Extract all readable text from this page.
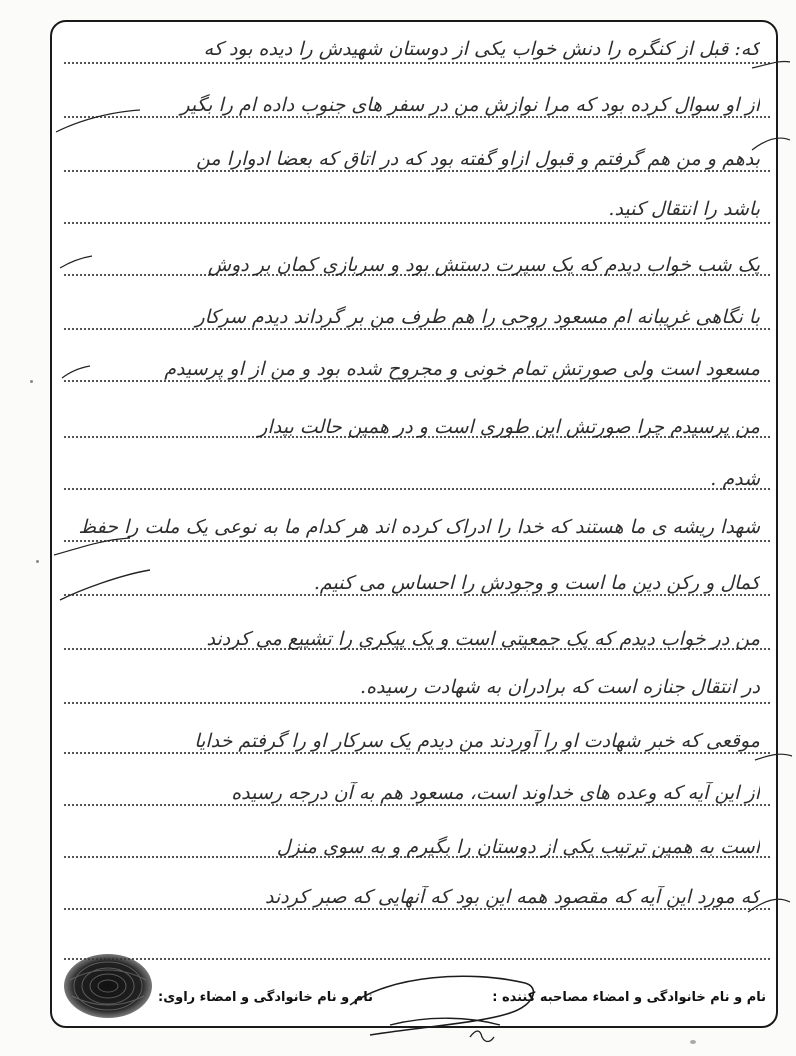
که: قبل از کنگره را دنش خواب یکی از دوستان شهیدش را دیده بود که
از او سوال کرده بود که مرا نوازش من در سفر های جنوب داده ام را بگیر
بدهم و من هم گرفتم و قبول ازاو گفته بود که در اتاق که بعضا ادوارا من
باشد را انتقال کنید.
یک شب خواب دیدم که یک سیرت دستش بود و سربازی کمان بر دوش
با نگاهی غریبانه ام مسعود روحی را هم طرف من بر گرداند دیدم سرکار
مسعود است ولی صورتش تمام خونی و مجروح شده بود و من از او پرسیدم
من پرسیدم چرا صورتش این طوری است و در همین حالت بیدار
شدم .
شهدا ریشه ی ما هستند که خدا را ادراک کرده اند هر کدام ما به نوعی یک ملت را حفظ
کمال و رکن دین ما است و وجودش را احساس می کنیم.
من در خواب دیدم که یک جمعیتی است و یک پیکری را تشییع می کردند
در انتقال جنازه است که برادران به شهادت رسیده.
موقعی که خبر شهادت او را آوردند من دیدم یک سرکار او را گرفتم خدایا
از این آیه که وعده های خداوند است، مسعود هم به آن درجه رسیده
است به همین ترتیب یکی از دوستان را بگیرم و به سوی منزل
که مورد این آیه که مقصود همه این بود که آنهایی که صبر کردند
نام و نام خانوادگی و امضاء مصاحبه کننده :
نام و نام خانوادگی و امضاء راوی:
